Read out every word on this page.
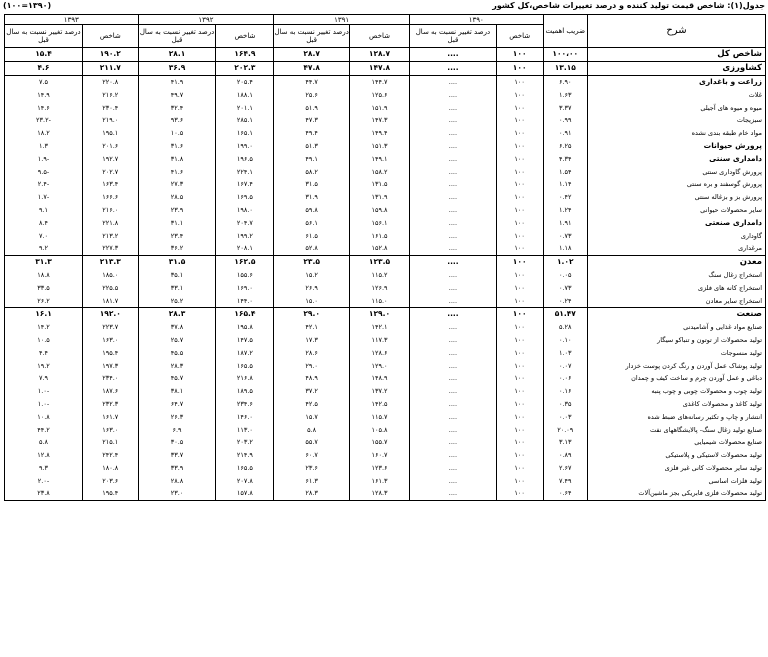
جدول(۱): شاخص قیمت تولید کننده و درصد تغییرات شاخص،کل کشور
(۱۳۹۰=۱۰۰)
شرح	ضریب اهمیت	۱۳۹۰		۱۳۹۱		۱۳۹۲		۱۳۹۳	
		شاخص	درصد تغییر نسبت به سال قبل	شاخص	درصد تغییر نسبت به سال قبل	شاخص	درصد تغییر نسبت به سال قبل	شاخص	درصد تغییر نسبت به سال قبل
شاخص کل	۱۰۰،۰۰	۱۰۰	....	۱۲۸.۷	۲۸.۷	۱۶۴.۹	۲۸.۱	۱۹۰.۲	۱۵.۴
کشاورزی	۱۳.۱۵	۱۰۰	....	۱۴۷.۸	۴۷.۸	۲۰۲.۳	۳۶.۹	۲۱۱.۷	۴.۶
زراعت و باغداری	۶.۹۰	۱۰۰	....	۱۴۴.۷	۴۴.۷	۲۰۵.۴	۴۱.۹	۲۲۰.۸	۷.۵
غلات	۱.۶۳	۱۰۰	....	۱۲۵.۶	۲۵.۶	۱۸۸.۱	۴۹.۷	۲۱۶.۲	۱۴.۹
میوه و میوه های آجیلی	۳.۳۷	۱۰۰	....	۱۵۱.۹	۵۱.۹	۲۰۱.۱	۳۲.۴	۲۳۰.۴	۱۴.۶
سبزیجات	۰.۹۹	۱۰۰	....	۱۴۷.۳	۴۷.۳	۲۸۵.۱	۹۳.۶	۲۱۹.۰	-۲۳.۲
مواد خام طبقه بندی نشده	۰.۹۱	۱۰۰	....	۱۴۹.۴	۴۹.۴	۱۶۵.۱	۱۰.۵	۱۹۵.۱	۱۸.۲
پرورش حیوانات	۶.۲۵	۱۰۰	....	۱۵۱.۳	۵۱.۳	۱۹۹.۰	۳۱.۶	۲۰۱.۶	۱.۳
دامداری سنتی	۴.۳۴	۱۰۰	....	۱۴۹.۱	۴۹.۱	۱۹۶.۵	۳۱.۸	۱۹۲.۷	-۱.۹
پرورش گاوداری سنتی	۱.۵۴	۱۰۰	....	۱۵۸.۲	۵۸.۲	۲۲۴.۱	۴۱.۶	۲۰۲.۷	-۹.۵
پرورش گوسفند و بره سنتی	۱.۱۴	۱۰۰	....	۱۳۱.۵	۳۱.۵	۱۶۷.۴	۲۷.۳	۱۶۳.۴	-۲.۴
پرورش بز و بزغاله سنتی	۰.۴۲	۱۰۰	....	۱۳۱.۹	۳۱.۹	۱۶۹.۵	۲۸.۵	۱۶۶.۶	-۱.۷
سایر محصولات حیوانی	۱.۲۴	۱۰۰	....	۱۵۹.۸	۵۹.۸	۱۹۸.۰	۲۳.۹	۲۱۶.۰	۹.۱
دامداری صنعتی	۱.۹۱	۱۰۰	....	۱۵۶.۱	۵۶.۱	۲۰۴.۷	۳۱.۱	۲۲۱.۸	۸.۴
گاوداری	۰.۷۳	۱۰۰	....	۱۶۱.۵	۶۱.۵	۱۹۹.۲	۲۳.۴	۲۱۳.۲	۷.۰
مرغداری	۱.۱۸	۱۰۰	....	۱۵۲.۸	۵۲.۸	۲۰۸.۱	۳۶.۲	۲۲۷.۳	۹.۲
معدن	۱.۰۲	۱۰۰	....	۱۲۳.۵	۲۳.۵	۱۶۲.۵	۳۱.۵	۲۱۳.۳	۳۱.۳
استخراج زغال سنگ	۰.۰۵	۱۰۰	....	۱۱۵.۲	۱۵.۲	۱۵۵.۶	۳۵.۱	۱۸۵.۰	۱۸.۸
استخراج کانه های فلزی	۰.۷۳	۱۰۰	....	۱۲۶.۹	۲۶.۹	۱۶۹.۰	۳۳.۱	۲۲۵.۵	۳۳.۵
استخراج سایر معادن	۰.۲۴	۱۰۰	....	۱۱۵.۰	۱۵.۰	۱۴۴.۰	۲۵.۲	۱۸۱.۷	۲۶.۲
صنعت	۵۱.۴۷	۱۰۰	....	۱۲۹.۰	۲۹.۰	۱۶۵.۴	۲۸.۳	۱۹۲.۰	۱۶.۱
صنایع مواد غذایی و آشامیدنی	۵.۲۸	۱۰۰	....	۱۴۲.۱	۴۲.۱	۱۹۵.۸	۳۷.۸	۲۲۳.۷	۱۴.۲
تولید محصولات از توتون و تنباکو سیگار	۰.۱۰	۱۰۰	....	۱۱۷.۳	۱۷.۳	۱۴۷.۵	۲۵.۷	۱۶۳.۰	۱۰.۵
تولید منسوجات	۱.۰۳	۱۰۰	....	۱۲۸.۶	۲۸.۶	۱۸۷.۲	۴۵.۵	۱۹۵.۴	۴.۴
تولید پوشاک عمل آوردن و رنگ کردن پوست خزدار	۰.۰۷	۱۰۰	....	۱۲۹.۰	۲۹.۰	۱۶۵.۵	۲۸.۳	۱۹۷.۳	۱۹.۲
دباغی و عمل آوردن چرم و ساخت کیف و چمدان	۰.۰۶	۱۰۰	....	۱۴۸.۹	۴۸.۹	۲۱۶.۸	۴۵.۷	۲۳۴.۰	۷.۹
تولید چوب و محصولات چوبی و چوب پنبه	۰.۱۶	۱۰۰	....	۱۳۷.۲	۳۷.۲	۱۸۹.۵	۳۸.۱	۱۸۷.۶	-۱.۰
تولید کاغذ و محصولات کاغذی	۰.۳۵	۱۰۰	....	۱۴۲.۵	۴۲.۵	۲۳۴.۶	۶۴.۷	۲۳۲.۳	-۱.۰
انتشار و چاپ و تکثیر رسانه‌های ضبط شده	۰.۰۳	۱۰۰	....	۱۱۵.۷	۱۵.۷	۱۴۶.۰	۲۶.۳	۱۶۱.۷	۱۰.۸
صنایع تولید زغال سنگ- پالایشگاههای نفت	۲۰.۰۹	۱۰۰	....	۱۰۵.۸	۵.۸	۱۱۳.۰	۶.۹	۱۶۳.۰	۴۴.۲
صنایع محصولات شیمیایی	۳.۱۳	۱۰۰	....	۱۵۵.۷	۵۵.۷	۲۰۳.۲	۳۰.۵	۲۱۵.۱	۵.۸
تولید محصولات لاستیکی و پلاستیکی	۰.۸۹	۱۰۰	....	۱۶۰.۷	۶۰.۷	۲۱۴.۹	۳۳.۷	۲۴۲.۴	۱۲.۸
تولید سایر محصولات کانی غیر فلزی	۲.۶۷	۱۰۰	....	۱۲۳.۶	۲۳.۶	۱۶۵.۵	۳۳.۹	۱۸۰.۸	۹.۳
تولید فلزات اساسی	۷.۴۹	۱۰۰	....	۱۶۱.۳	۶۱.۳	۲۰۷.۸	۲۸.۸	۲۰۳.۶	-۲.۰
تولید محصولات فلزی فابریکی بجز ماشین‌آلات	۰.۶۴	۱۰۰	....	۱۲۸.۳	۲۸.۳	۱۵۷.۸	۲۳.۰	۱۹۵.۴	۲۳.۸
